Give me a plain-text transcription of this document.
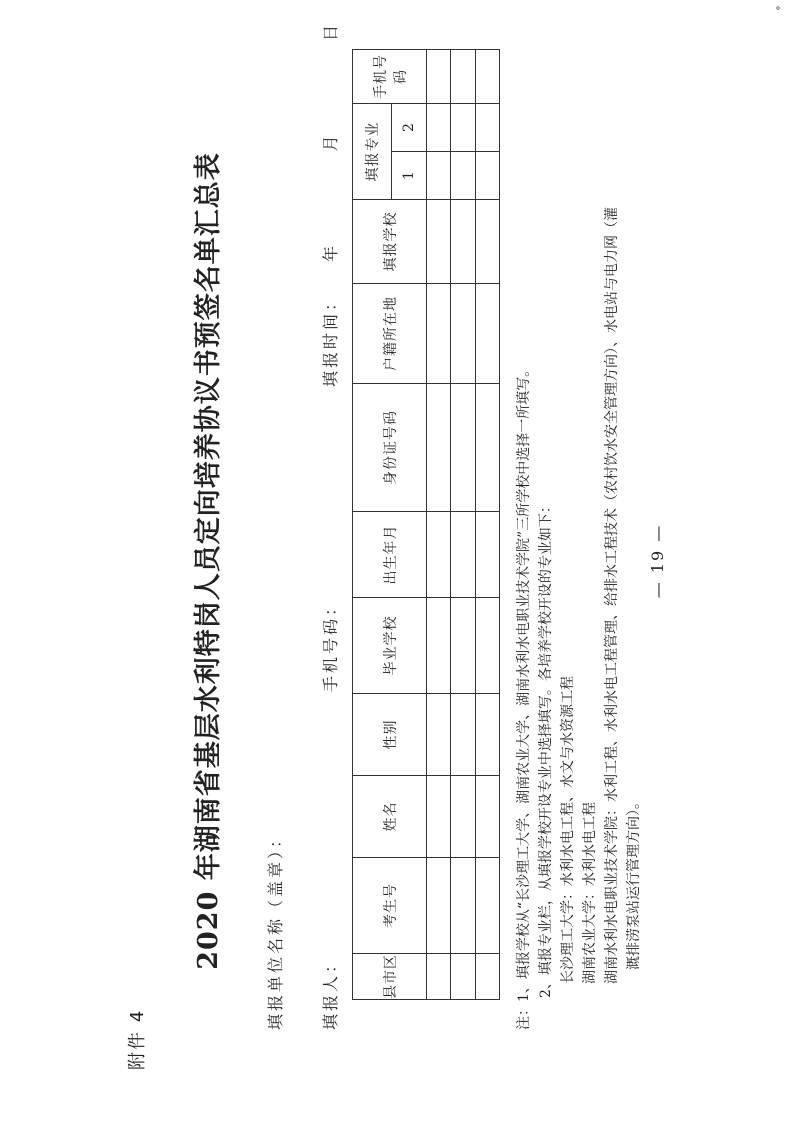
˚
附件 4
2020 年湖南省基层水利特岗人员定向培养协议书预签名单汇总表	填报单位名称（盖章）： 填报人：
手机号码：
填报时间：
年
月
日
县市区	考生号	姓名	性别	毕业学校	出生年月	身份证号码	户籍所在地	填报学校	填报专业		手机号码
									1	2	

注：1、填报学校从“长沙理工大学、湖南农业大学、湖南水利水电职业技术学院”三所学校中选择一所填写。 2、填报专业栏，从填报学校开设专业中选择填写。各培养学校开设的专业如下： 长沙理工大学：水利水电工程、水文与水资源工程 湖南农业大学：水利水电工程 湖南水利水电职业技术学院：水利工程、水利水电工程管理、给排水工程技术（农村饮水安全管理方向）、水电站与电力网（灌 溉排涝泵站运行管理方向）。
— 19 —
